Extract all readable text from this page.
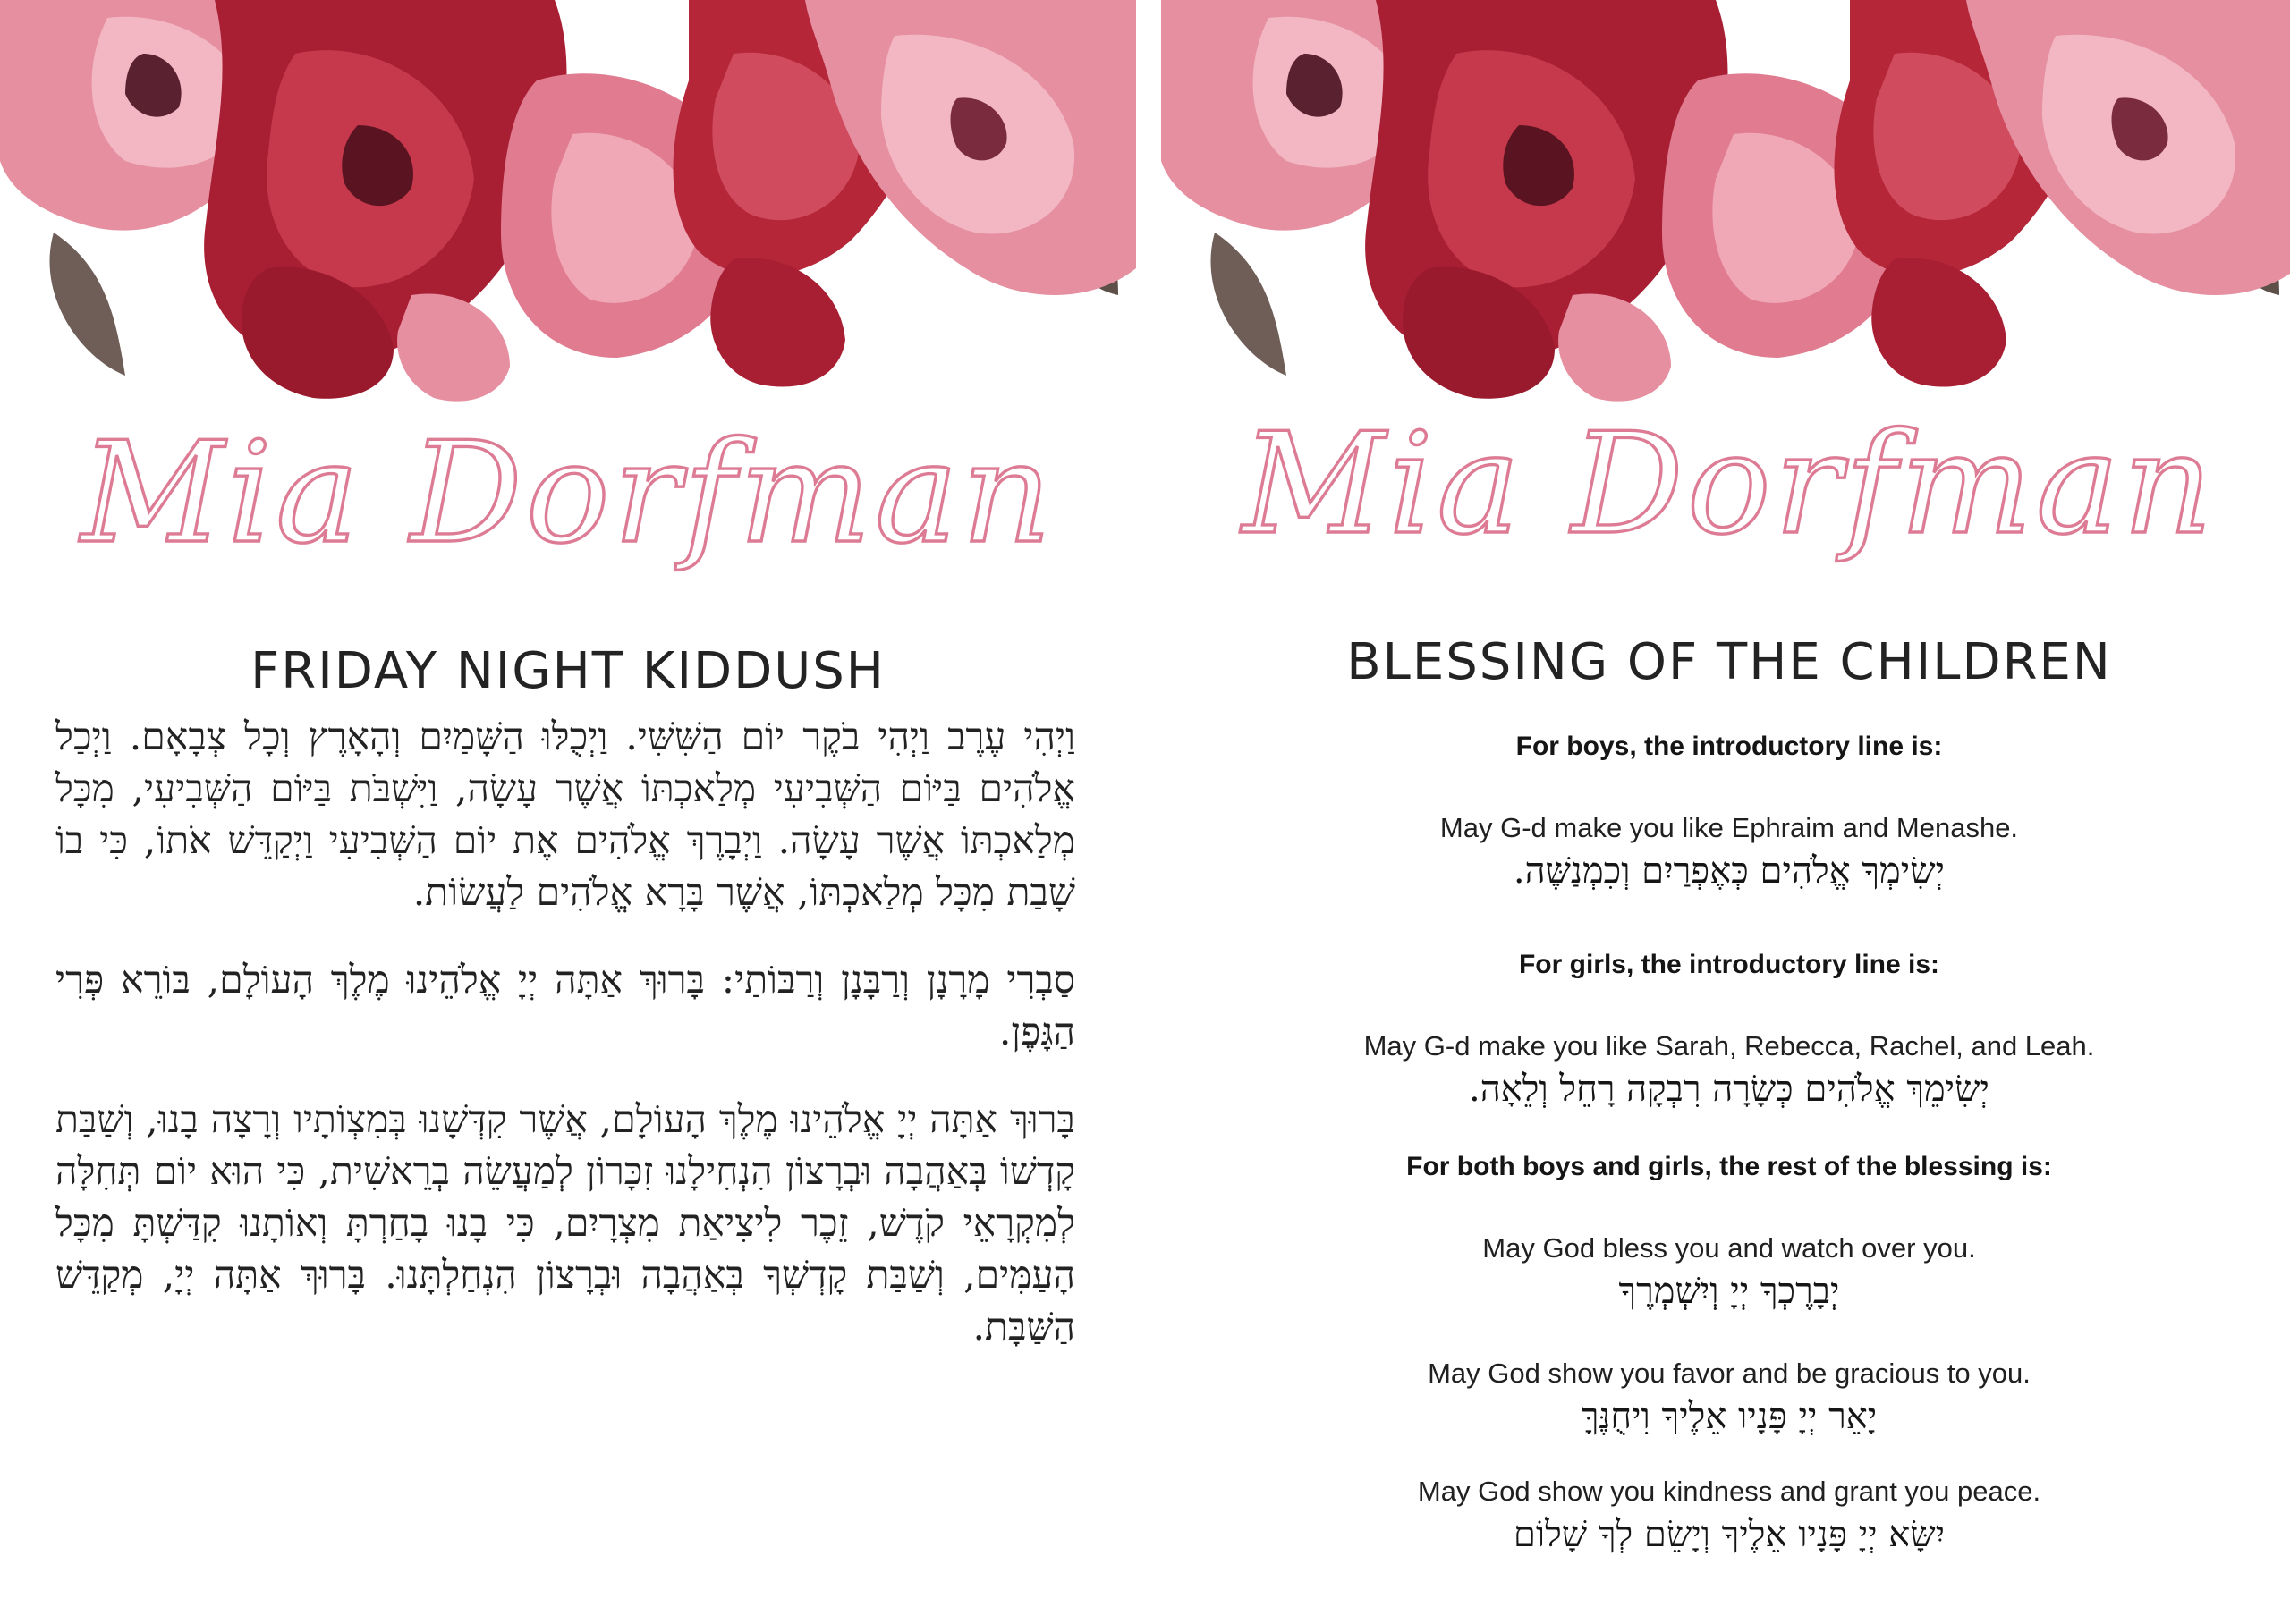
Mia Dorfman
FRIDAY NIGHT KIDDUSH

וַיְהִי עֶרֶב וַיְהִי בֹקֶר יוֹם הַשִּׁשִּׁי. וַיְכֻלּוּ הַשָּׁמַיִם וְהָאָרֶץ וְכָל צְבָאָם. וַיְכַל אֱלֹהִים בַּיּוֹם הַשְּׁבִיעִי מְלַאכְתּוֹ אֲשֶׁר עָשָׂה, וַיִּשְׁבֹּת בַּיּוֹם הַשְּׁבִיעִי, מִכָּל מְלַאכְתּוֹ אֲשֶׁר עָשָׂה. וַיְבָרֶךְ אֱלֹהִים אֶת יוֹם הַשְּׁבִיעִי וַיְקַדֵּשׁ אֹתוֹ, כִּי בוֹ שָׁבַת מִכָּל מְלַאכְתּוֹ, אֲשֶׁר בָּרָא אֱלֹהִים לַעֲשׂוֹת.

סַבְרִי מָרָנָן וְרַבָּנָן וְרַבּוֹתַי: בָּרוּךְ אַתָּה יְיָ אֱלֹהֵינוּ מֶלֶךְ הָעוֹלָם, בּוֹרֵא פְּרִי הַגָּפֶן.

בָּרוּךְ אַתָּה יְיָ אֱלֹהֵינוּ מֶלֶךְ הָעוֹלָם, אֲשֶׁר קִדְּשָׁנוּ בְּמִצְוֹתָיו וְרָצָה בָנוּ, וְשַׁבַּת קָדְשׁוֹ בְּאַהֲבָה וּבְרָצוֹן הִנְחִילָנוּ זִכָּרוֹן לְמַעֲשֵׂה בְרֵאשִׁית, כִּי הוּא יוֹם תְּחִלָּה לְמִקְרָאֵי קֹדֶשׁ, זֵכֶר לִיצִיאַת מִצְרָיִם, כִּי בָנוּ בָחַרְתָּ וְאוֹתָנוּ קִדַּשְׁתָּ מִכָּל הָעַמִּים, וְשַׁבַּת קָדְשְׁךָ בְּאַהֲבָה וּבְרָצוֹן הִנְחַלְתָּנוּ. בָּרוּךְ אַתָּה יְיָ, מְקַדֵּשׁ הַשַּׁבָּת.

Mia Dorfman
BLESSING OF THE CHILDREN

For boys, the introductory line is:

May G-d make you like Ephraim and Menashe.

יְשִׂימְךָ אֱלֹהִים כְּאֶפְרַיִם וְכִמְנַשֶּׁה.

For girls, the introductory line is:

May G-d make you like Sarah, Rebecca, Rachel, and Leah.

יְשִׂימֵךְ אֱלֹהִים כְּשָׂרָה רִבְקָה רָחֵל וְלֵאָה.

For both boys and girls, the rest of the blessing is:

May God bless you and watch over you.

יְבָרֶכְךָ יְיָ וְיִשְׁמְרֶךָ

May God show you favor and be gracious to you.

יָאֵר יְיָ פָּנָיו אֵלֶיךָ וִיחֻנֶּךָּ

May God show you kindness and grant you peace.

יִשָּׂא יְיָ פָּנָיו אֵלֶיךָ וְיָשֵׂם לְךָ שָׁלוֹם
